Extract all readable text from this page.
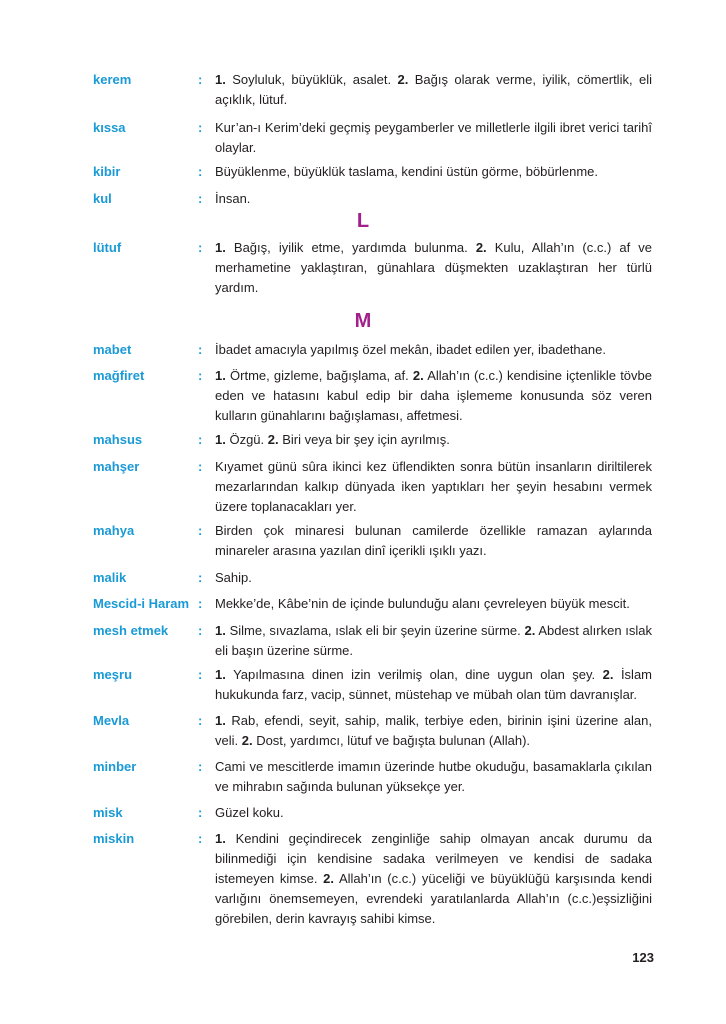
kerem	: 1. Soyluluk, büyüklük, asalet. 2. Bağış olarak verme, iyilik, cömertlik, eli açıklık, lütuf.
kıssa	: Kur’an-ı Kerim’deki geçmiş peygamberler ve milletlerle ilgili ibret verici tarihî olaylar.
kibir	: Büyüklenme, büyüklük taslama, kendini üstün görme, böbürlenme.
kul	: İnsan.
lütuf	: 1. Bağış, iyilik etme, yardımda bulunma. 2. Kulu, Allah’ın (c.c.) af ve merhametine yaklaştıran, günahlara düşmekten uzaklaştıran her türlü yardım.
mabet	: İbadet amacıyla yapılmış özel mekân, ibadet edilen yer, ibadethane.
mağfiret	: 1. Örtme, gizleme, bağışlama, af. 2. Allah’ın (c.c.) kendisine içtenlikle tövbe eden ve hatasını kabul edip bir daha işlememe konusunda söz veren kulların günahlarını bağışlaması, affetmesi.
mahsus	: 1. Özgü. 2. Biri veya bir şey için ayrılmış.
mahşer	: Kıyamet günü sûra ikinci kez üflendikten sonra bütün insanların diriltilerek mezarlarından kalkıp dünyada iken yaptıkları her şeyin hesabını vermek üzere toplanacakları yer.
mahya	: Birden çok minaresi bulunan camilerde özellikle ramazan aylarında minareler arasına yazılan dinî içerikli ışıklı yazı.
malik	: Sahip.
Mescid-i Haram : Mekke’de, Kâbe’nin de içinde bulunduğu alanı çevreleyen büyük mescit.
mesh etmek	: 1. Silme, sıvazlama, ıslak eli bir şeyin üzerine sürme. 2. Abdest alırken ıslak eli başın üzerine sürme.
meşru	: 1. Yapılmasına dinen izin verilmiş olan, dine uygun olan şey. 2. İslam hukukunda farz, vacip, sünnet, müstehap ve mübah olan tüm davranışlar.
Mevla	: 1. Rab, efendi, seyit, sahip, malik, terbiye eden, birinin işini üzerine alan, veli. 2. Dost, yardımcı, lütuf ve bağışta bulunan (Allah).
minber	: Cami ve mescitlerde imamın üzerinde hutbe okuduğu, basamaklarla çıkılan ve mihrabın sağında bulunan yüksekçe yer.
misk	: Güzel koku.
miskin	: 1. Kendini geçindirecek zenginliğe sahip olmayan ancak durumu da bilinmediği için kendisine sadaka verilmeyen ve kendisi de sadaka istemeyen kimse. 2. Allah’ın (c.c.) yüceliği ve büyüklüğü karşısında kendi varlığını önemsemeyen, evrendeki yaratılanlarda Allah’ın (c.c.)eşsizliğini görebilen, derin kavrayış sahibi kimse.
L
M
123
